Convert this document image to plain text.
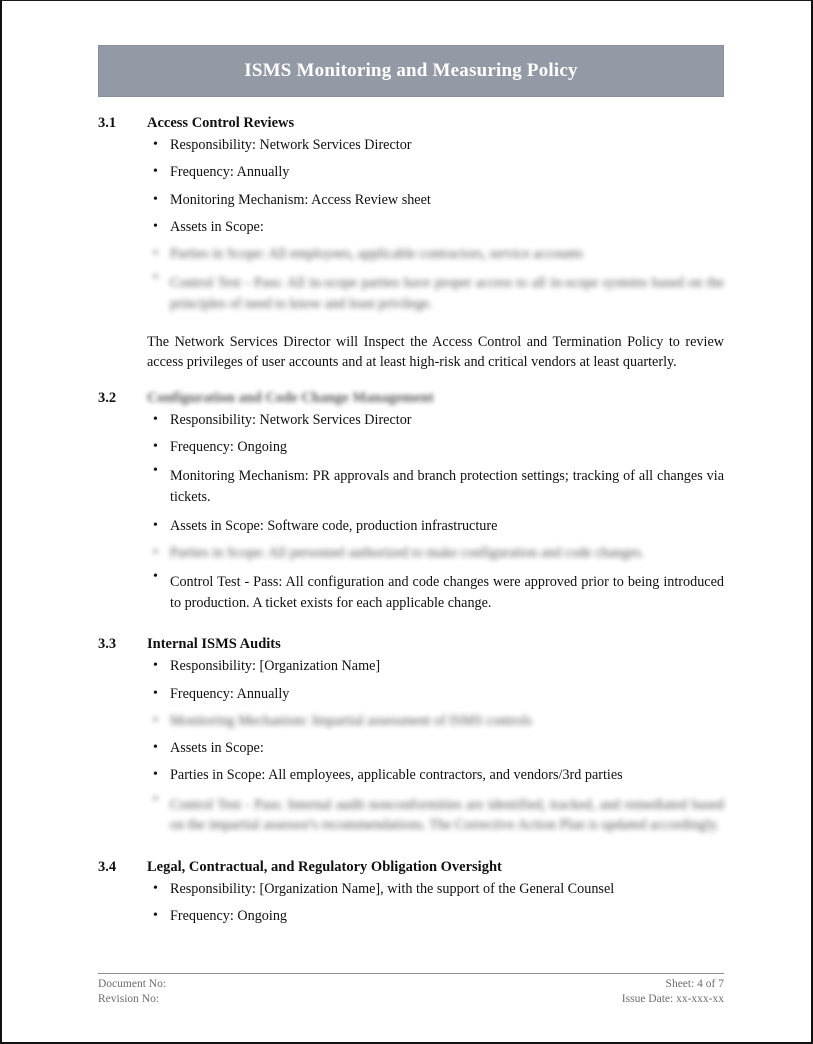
ISMS Monitoring and Measuring Policy
3.1	Access Control Reviews
• Responsibility: Network Services Director
• Frequency: Annually
• Monitoring Mechanism: Access Review sheet
• Assets in Scope:
• Parties in Scope: All employees, applicable contractors, service accounts
• Control Test - Pass: All in-scope parties have proper access to all in-scope systems based on the principles of need to know and least privilege.
The Network Services Director will Inspect the Access Control and Termination Policy to review access privileges of user accounts and at least high-risk and critical vendors at least quarterly.
3.2	Configuration and Code Change Management
• Responsibility: Network Services Director
• Frequency: Ongoing
• Monitoring Mechanism: PR approvals and branch protection settings; tracking of all changes via tickets.
• Assets in Scope: Software code, production infrastructure
• Parties in Scope: All personnel authorized to make configuration and code changes.
• Control Test - Pass: All configuration and code changes were approved prior to being introduced to production. A ticket exists for each applicable change.
3.3	Internal ISMS Audits
• Responsibility: [Organization Name]
• Frequency: Annually
• Monitoring Mechanism: Impartial assessment of ISMS controls
• Assets in Scope:
• Parties in Scope: All employees, applicable contractors, and vendors/3rd parties
• Control Test - Pass: Internal audit nonconformities are identified, tracked, and remediated based on the impartial assessor's recommendations. The Corrective Action Plan is updated accordingly.
3.4	Legal, Contractual, and Regulatory Obligation Oversight
• Responsibility: [Organization Name], with the support of the General Counsel
• Frequency: Ongoing
Document No:
Revision No:
Sheet: 4 of 7
Issue Date: xx-xxx-xx
